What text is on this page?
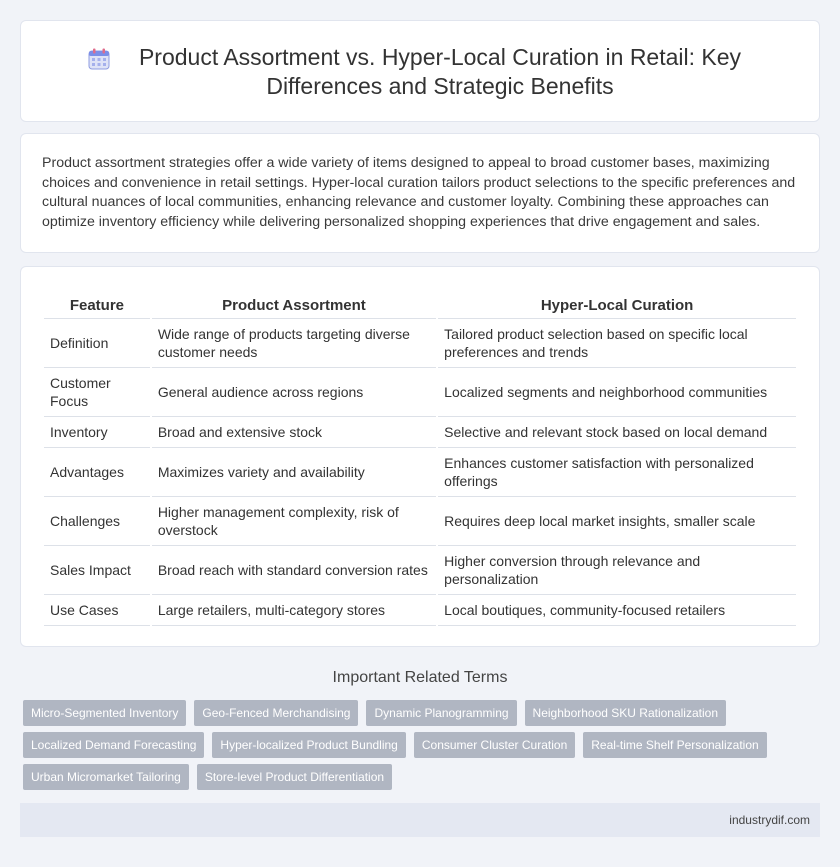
Product Assortment vs. Hyper-Local Curation in Retail: Key Differences and Strategic Benefits

Product assortment strategies offer a wide variety of items designed to appeal to broad customer bases, maximizing choices and convenience in retail settings. Hyper-local curation tailors product selections to the specific preferences and cultural nuances of local communities, enhancing relevance and customer loyalty. Combining these approaches can optimize inventory efficiency while delivering personalized shopping experiences that drive engagement and sales.

Feature	Product Assortment	Hyper-Local Curation
Definition	Wide range of products targeting diverse customer needs	Tailored product selection based on specific local preferences and trends
Customer Focus	General audience across regions	Localized segments and neighborhood communities
Inventory	Broad and extensive stock	Selective and relevant stock based on local demand
Advantages	Maximizes variety and availability	Enhances customer satisfaction with personalized offerings
Challenges	Higher management complexity, risk of overstock	Requires deep local market insights, smaller scale
Sales Impact	Broad reach with standard conversion rates	Higher conversion through relevance and personalization
Use Cases	Large retailers, multi-category stores	Local boutiques, community-focused retailers
Important Related Terms
Micro-Segmented Inventory	Geo-Fenced Merchandising	Dynamic Planogramming	Neighborhood SKU Rationalization
Localized Demand Forecasting	Hyper-localized Product Bundling	Consumer Cluster Curation	Real-time Shelf Personalization
Urban Micromarket Tailoring	Store-level Product Differentiation
industrydif.com
